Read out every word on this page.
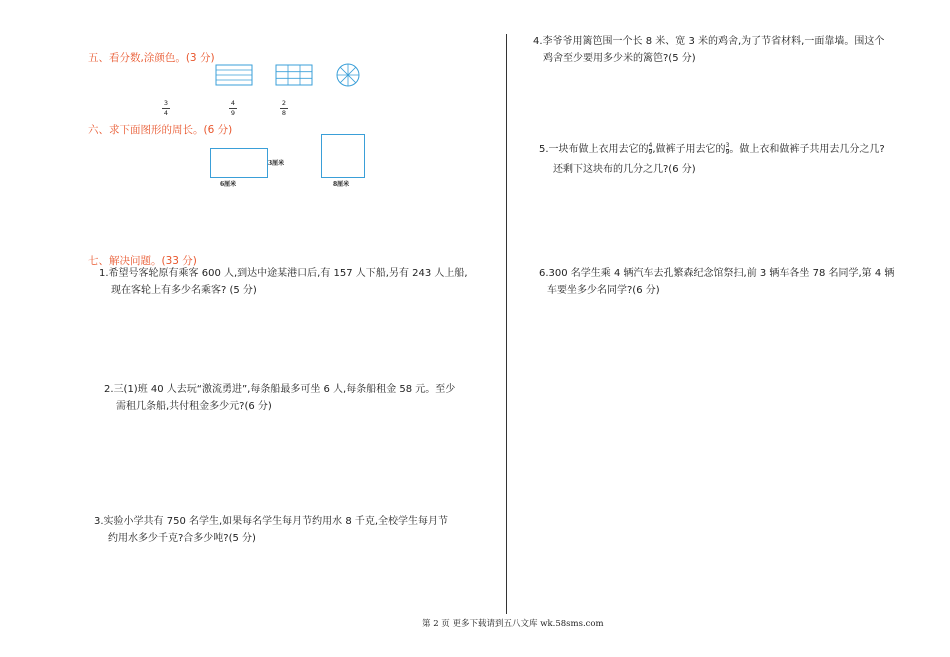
五、看分数,涂颜色。(3 分)
3
4
4
9
2
8
六、求下面图形的周长。(6 分)
3厘米
6厘米	8厘米
七、解决问题。(33 分)
1.希望号客轮原有乘客 600 人,到达中途某港口后,有 157 人下船,另有 243 人上船,
现在客轮上有多少名乘客? (5 分)
2.三(1)班 40 人去玩“激流勇进”,每条船最多可坐 6 人,每条船租金 58 元。至少
需租几条船,共付租金多少元?(6 分)
3.实验小学共有 750 名学生,如果每名学生每月节约用水 8 千克,全校学生每月节
约用水多少千克?合多少吨?(5 分)
4.李爷爷用篱笆围一个长 8 米、宽 3 米的鸡舍,为了节省材料,一面靠墙。围这个
鸡舍至少要用多少米的篱笆?(5 分)
5.一块布做上衣用去它的 $\frac{4}{9}$ ,做裤子用去它的 $\frac{3}{9}$ 。做上衣和做裤子共用去几分之几?
还剩下这块布的几分之几?(6 分)
6.300 名学生乘 4 辆汽车去孔繁森纪念馆祭扫,前 3 辆车各坐 78 名同学,第 4 辆
车要坐多少名同学?(6 分)
第 2 页 更多下载请到五八文库 wk.58sms.com
